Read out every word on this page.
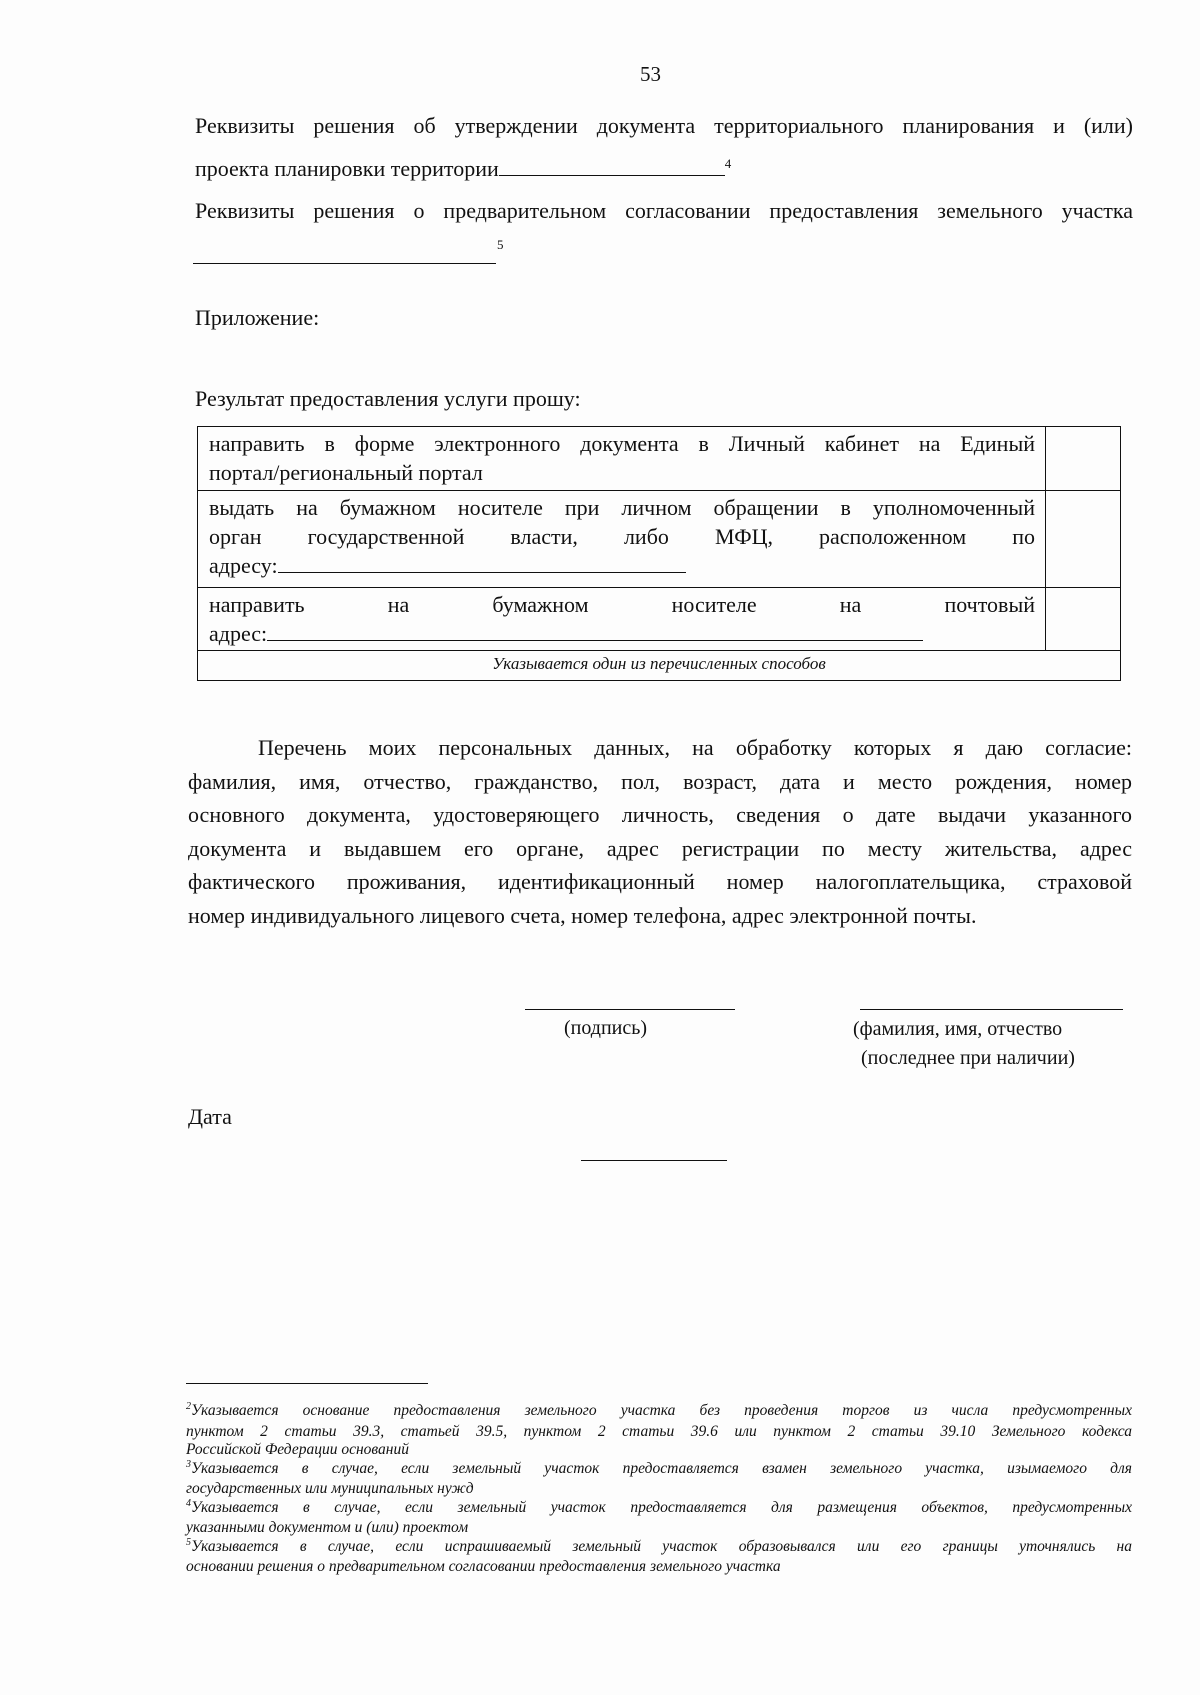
53
Реквизиты решения об утверждении документа территориального планирования и (или)
проекта планировки территории	$^4$
Реквизиты решения о предварительном согласовании предоставления земельного участка
5
Приложение:
Результат предоставления услуги прошу:
направить в форме электронного документа в Личный кабинет на Единый
портал/региональный портал	

выдать на бумажном носителе при личном обращении в уполномоченный
орган государственной власти, либо МФЦ, расположенном по
адресу:	

направить на бумажном носителе на почтовый
адрес:	

Указывается один из перечисленных способов	
Перечень моих персональных данных, на обработку которых я даю согласие:
фамилия, имя, отчество, гражданство, пол, возраст, дата и место рождения, номер
основного документа, удостоверяющего личность, сведения о дате выдачи указанного
документа и выдавшем его органе, адрес регистрации по месту жительства, адрес
фактического проживания, идентификационный номер налогоплательщика, страховой
номер индивидуального лицевого счета, номер телефона, адрес электронной почты.
(подпись)	(фамилия, имя, отчество
(последнее при наличии)
Дата
$^2$Указывается основание предоставления земельного участка без проведения торгов из числа предусмотренных
пунктом 2 статьи 39.3, статьей 39.5, пунктом 2 статьи 39.6 или пунктом 2 статьи 39.10 Земельного кодекса
Российской Федерации оснований
$^3$Указывается в случае, если земельный участок предоставляется взамен земельного участка, изымаемого для
государственных или муниципальных нужд
$^4$Указывается в случае, если земельный участок предоставляется для размещения объектов, предусмотренных
указанными документом и (или) проектом
$^5$Указывается в случае, если испрашиваемый земельный участок образовывался или его границы уточнялись на
основании решения о предварительном согласовании предоставления земельного участка
